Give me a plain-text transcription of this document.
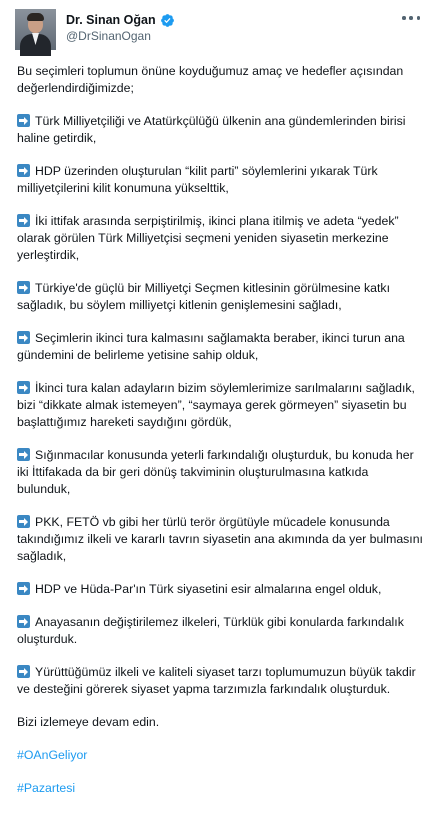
Dr. Sinan Oğan
@DrSinanOgan

Bu seçimleri toplumun önüne koyduğumuz amaç ve hedefler açısından değerlendirdiğimizde;

Türk Milliyetçiliği ve Atatürkçülüğü ülkenin ana gündemlerinden birisi haline getirdik,

HDP üzerinden oluşturulan “kilit parti” söylemlerini yıkarak Türk milliyetçilerini kilit konumuna yükselttik,

İki ittifak arasında serpiştirilmiş, ikinci plana itilmiş ve adeta “yedek” olarak görülen Türk Milliyetçisi seçmeni yeniden siyasetin merkezine yerleştirdik,

Türkiye'de güçlü bir Milliyetçi Seçmen kitlesinin görülmesine katkı sağladık, bu söylem milliyetçi kitlenin genişlemesini sağladı,

Seçimlerin ikinci tura kalmasını sağlamakta beraber, ikinci turun ana gündemini de belirleme yetisine sahip olduk,

İkinci tura kalan adayların bizim söylemlerimize sarılmalarını sağladık, bizi “dikkate almak istemeyen”, “saymaya gerek görmeyen” siyasetin bu başlattığımız hareketi saydığını gördük,

Sığınmacılar konusunda yeterli farkındalığı oluşturduk, bu konuda her iki İttifakada da bir geri dönüş takviminin oluşturulmasına katkıda bulunduk,

PKK, FETÖ vb gibi her türlü terör örgütüyle mücadele konusunda takındığımız ilkeli ve kararlı tavrın siyasetin ana akımında da yer bulmasını sağladık,

HDP ve Hüda-Par'ın Türk siyasetini esir almalarına engel olduk,

Anayasanın değiştirilemez ilkeleri, Türklük gibi konularda farkındalık oluşturduk.

Yürüttüğümüz ilkeli ve kaliteli siyaset tarzı toplumumuzun büyük takdir ve desteğini görerek siyaset yapma tarzımızla farkındalık oluşturduk.

Bizi izlemeye devam edin.

#OAnGeliyor

#Pazartesi
